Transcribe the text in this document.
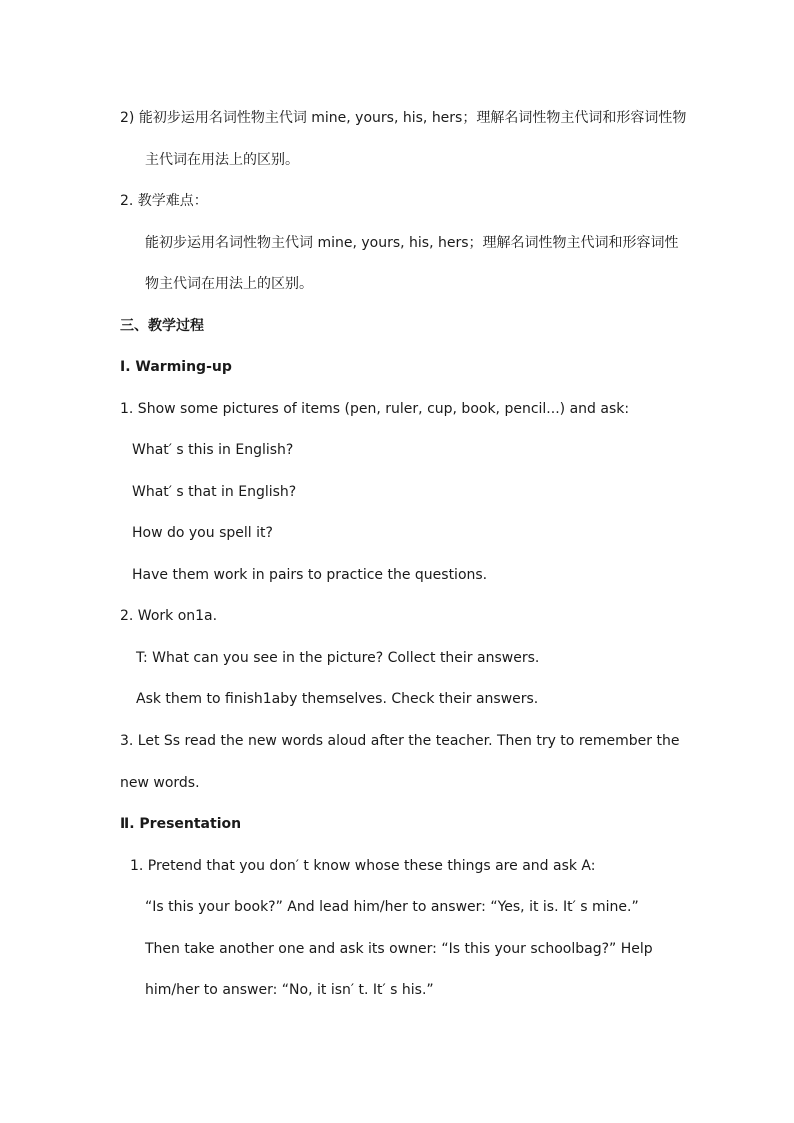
2) 能初步运用名词性物主代词 mine, yours, his, hers；理解名词性物主代词和形容词性物
主代词在用法上的区别。
2. 教学难点：
能初步运用名词性物主代词 mine, yours, his, hers；理解名词性物主代词和形容词性
物主代词在用法上的区别。
三、教学过程
Ⅰ. Warming-up
1. Show some pictures of items (pen, ruler, cup, book, pencil...) and ask:
What′ s this in English?
What′ s that in English?
How do you spell it?
Have them work in pairs to practice the questions.
2. Work on1a.
T: What can you see in the picture? Collect their answers.
Ask them to finish1aby themselves. Check their answers.
3. Let Ss read the new words aloud after the teacher. Then try to remember the
new words.
Ⅱ. Presentation
1. Pretend that you don′ t know whose these things are and ask A:
“Is this your book?” And lead him/her to answer: “Yes, it is. It′ s mine.”
Then take another one and ask its owner: “Is this your schoolbag?” Help
him/her to answer: “No, it isn′ t. It′ s his.”
